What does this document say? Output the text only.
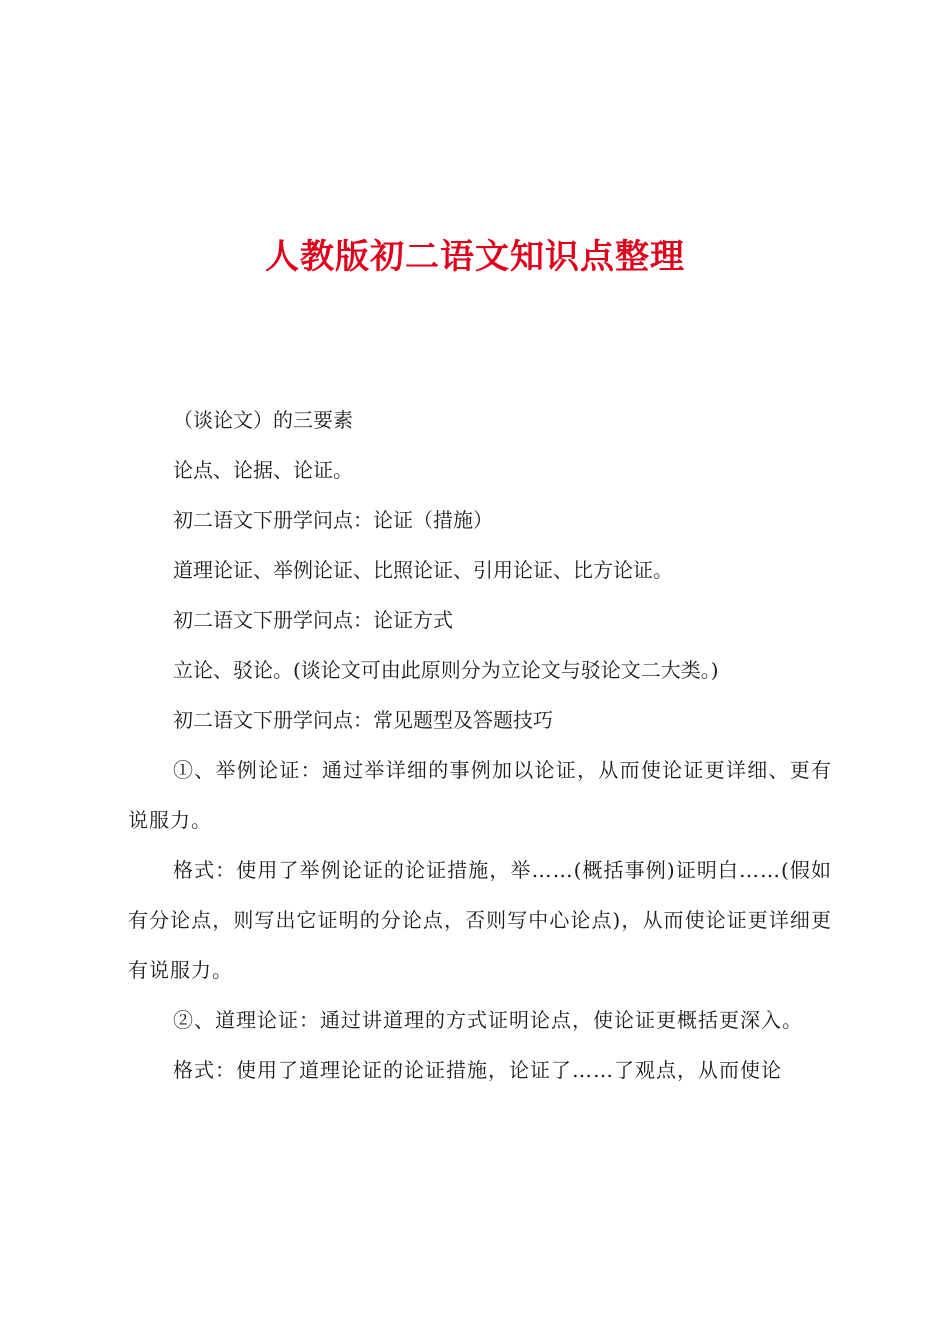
人教版初二语文知识点整理

（谈论文）的三要素

论点、论据、论证。

初二语文下册学问点：论证（措施）

道理论证、举例论证、比照论证、引用论证、比方论证。

初二语文下册学问点：论证方式

立论、驳论。(谈论文可由此原则分为立论文与驳论文二大类。)

初二语文下册学问点：常见题型及答题技巧

①、举例论证：通过举详细的事例加以论证，从而使论证更详细、更有说服力。

格式：使用了举例论证的论证措施，举……(概括事例)证明白……(假如有分论点，则写出它证明的分论点，否则写中心论点)，从而使论证更详细更有说服力。

②、道理论证：通过讲道理的方式证明论点，使论证更概括更深入。

格式：使用了道理论证的论证措施，论证了……了观点，从而使论
